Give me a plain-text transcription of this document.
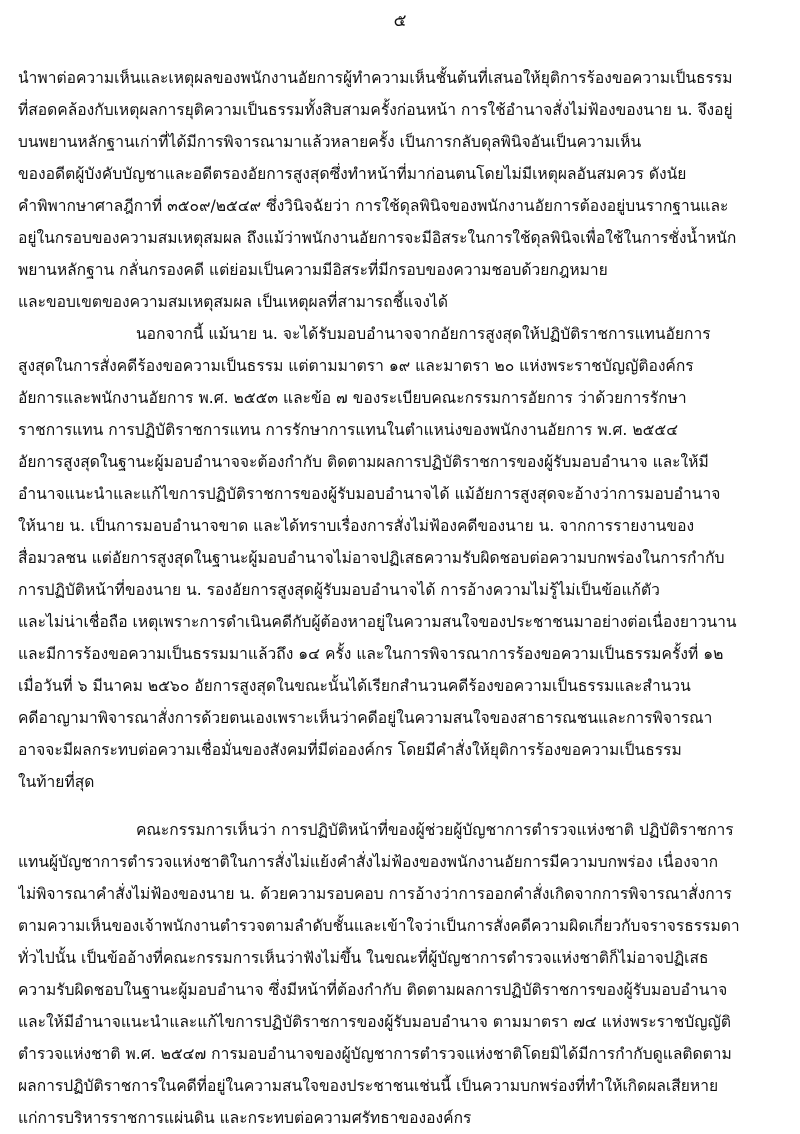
๕
นำพาต่อความเห็นและเหตุผลของพนักงานอัยการผู้ทำความเห็นชั้นต้นที่เสนอให้ยุติการร้องขอความเป็นธรรม
ที่สอดคล้องกับเหตุผลการยุติความเป็นธรรมทั้งสิบสามครั้งก่อนหน้า การใช้อำนาจสั่งไม่ฟ้องของนาย น. จึงอยู่
บนพยานหลักฐานเก่าที่ได้มีการพิจารณามาแล้วหลายครั้ง เป็นการกลับดุลพินิจอันเป็นความเห็น
ของอดีตผู้บังคับบัญชาและอดีตรองอัยการสูงสุดซึ่งทำหน้าที่มาก่อนตนโดยไม่มีเหตุผลอันสมควร ดังนัย
คำพิพากษาศาลฎีกาที่ ๓๕๐๙/๒๕๔๙ ซึ่งวินิจฉัยว่า การใช้ดุลพินิจของพนักงานอัยการต้องอยู่บนรากฐานและ
อยู่ในกรอบของความสมเหตุสมผล ถึงแม้ว่าพนักงานอัยการจะมีอิสระในการใช้ดุลพินิจเพื่อใช้ในการชั่งน้ำหนัก
พยานหลักฐาน กลั่นกรองคดี แต่ย่อมเป็นความมีอิสระที่มีกรอบของความชอบด้วยกฎหมาย
และขอบเขตของความสมเหตุสมผล เป็นเหตุผลที่สามารถชี้แจงได้
นอกจากนี้ แม้นาย น. จะได้รับมอบอำนาจจากอัยการสูงสุดให้ปฏิบัติราชการแทนอัยการ
สูงสุดในการสั่งคดีร้องขอความเป็นธรรม แต่ตามมาตรา ๑๙ และมาตรา ๒๐ แห่งพระราชบัญญัติองค์กร
อัยการและพนักงานอัยการ พ.ศ. ๒๕๕๓ และข้อ ๗ ของระเบียบคณะกรรมการอัยการ ว่าด้วยการรักษา
ราชการแทน การปฏิบัติราชการแทน การรักษาการแทนในตำแหน่งของพนักงานอัยการ พ.ศ. ๒๕๕๔
อัยการสูงสุดในฐานะผู้มอบอำนาจจะต้องกำกับ ติดตามผลการปฏิบัติราชการของผู้รับมอบอำนาจ และให้มี
อำนาจแนะนำและแก้ไขการปฏิบัติราชการของผู้รับมอบอำนาจได้ แม้อัยการสูงสุดจะอ้างว่าการมอบอำนาจ
ให้นาย น. เป็นการมอบอำนาจขาด และได้ทราบเรื่องการสั่งไม่ฟ้องคดีของนาย น. จากการรายงานของ
สื่อมวลชน แต่อัยการสูงสุดในฐานะผู้มอบอำนาจไม่อาจปฏิเสธความรับผิดชอบต่อความบกพร่องในการกำกับ
การปฏิบัติหน้าที่ของนาย น. รองอัยการสูงสุดผู้รับมอบอำนาจได้ การอ้างความไม่รู้ไม่เป็นข้อแก้ตัว
และไม่น่าเชื่อถือ เหตุเพราะการดำเนินคดีกับผู้ต้องหาอยู่ในความสนใจของประชาชนมาอย่างต่อเนื่องยาวนาน
และมีการร้องขอความเป็นธรรมมาแล้วถึง ๑๔ ครั้ง และในการพิจารณาการร้องขอความเป็นธรรมครั้งที่ ๑๒
เมื่อวันที่ ๖ มีนาคม ๒๕๖๐ อัยการสูงสุดในขณะนั้นได้เรียกสำนวนคดีร้องขอความเป็นธรรมและสำนวน
คดีอาญามาพิจารณาสั่งการด้วยตนเองเพราะเห็นว่าคดีอยู่ในความสนใจของสาธารณชนและการพิจารณา
อาจจะมีผลกระทบต่อความเชื่อมั่นของสังคมที่มีต่อองค์กร โดยมีคำสั่งให้ยุติการร้องขอความเป็นธรรม
ในท้ายที่สุด
คณะกรรมการเห็นว่า การปฏิบัติหน้าที่ของผู้ช่วยผู้บัญชาการตำรวจแห่งชาติ ปฏิบัติราชการ
แทนผู้บัญชาการตำรวจแห่งชาติในการสั่งไม่แย้งคำสั่งไม่ฟ้องของพนักงานอัยการมีความบกพร่อง เนื่องจาก
ไม่พิจารณาคำสั่งไม่ฟ้องของนาย น. ด้วยความรอบคอบ การอ้างว่าการออกคำสั่งเกิดจากการพิจารณาสั่งการ
ตามความเห็นของเจ้าพนักงานตำรวจตามลำดับชั้นและเข้าใจว่าเป็นการสั่งคดีความผิดเกี่ยวกับจราจรธรรมดา
ทั่วไปนั้น เป็นข้ออ้างที่คณะกรรมการเห็นว่าฟังไม่ขึ้น ในขณะที่ผู้บัญชาการตำรวจแห่งชาติก็ไม่อาจปฏิเสธ
ความรับผิดชอบในฐานะผู้มอบอำนาจ ซึ่งมีหน้าที่ต้องกำกับ ติดตามผลการปฏิบัติราชการของผู้รับมอบอำนาจ
และให้มีอำนาจแนะนำและแก้ไขการปฏิบัติราชการของผู้รับมอบอำนาจ ตามมาตรา ๗๔ แห่งพระราชบัญญัติ
ตำรวจแห่งชาติ พ.ศ. ๒๕๔๗ การมอบอำนาจของผู้บัญชาการตำรวจแห่งชาติโดยมิได้มีการกำกับดูแลติดตาม
ผลการปฏิบัติราชการในคดีที่อยู่ในความสนใจของประชาชนเช่นนี้ เป็นความบกพร่องที่ทำให้เกิดผลเสียหาย
แก่การบริหารราชการแผ่นดิน และกระทบต่อความศรัทธาขององค์กร
